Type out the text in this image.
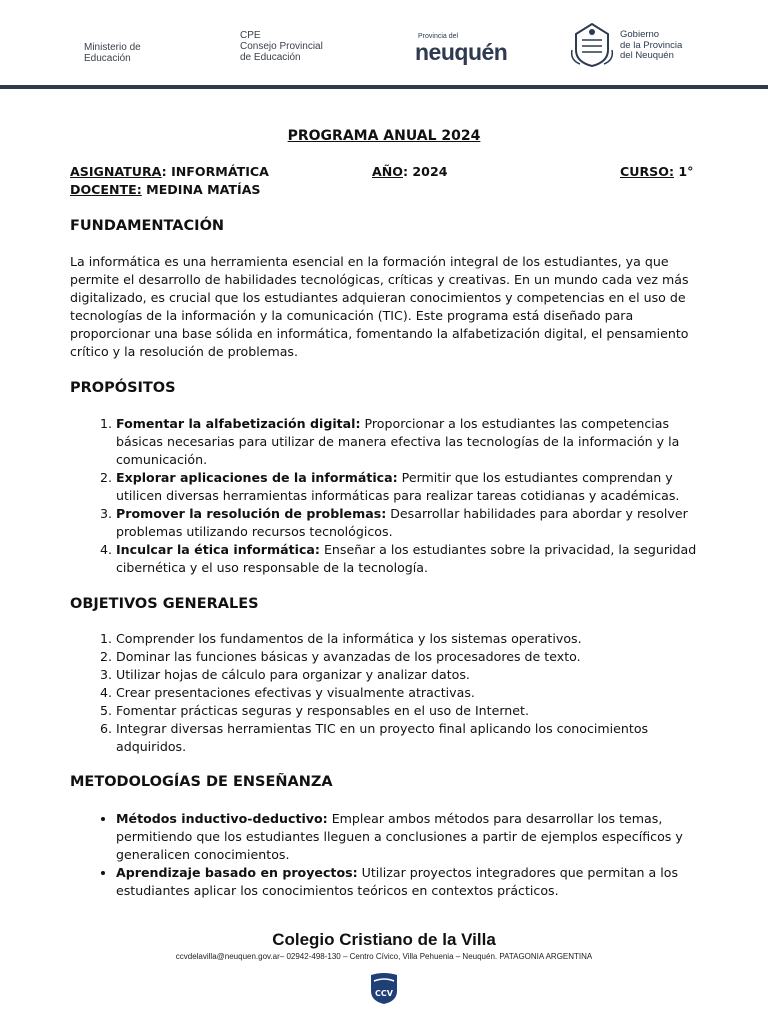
Ministerio de
Educación
CPE
Consejo Provincial
de Educación
Provincia del
neuquén
Gobierno
de la Provincia
del Neuquén
PROGRAMA ANUAL 2024
ASIGNATURA: INFORMÁTICA	AÑO: 2024	CURSO: 1°
DOCENTE: MEDINA MATÍAS
FUNDAMENTACIÓN

La informática es una herramienta esencial en la formación integral de los estudiantes, ya que permite el desarrollo de habilidades tecnológicas, críticas y creativas. En un mundo cada vez más digitalizado, es crucial que los estudiantes adquieran conocimientos y competencias en el uso de tecnologías de la información y la comunicación (TIC). Este programa está diseñado para proporcionar una base sólida en informática, fomentando la alfabetización digital, el pensamiento crítico y la resolución de problemas.

PROPÓSITOS
1. Fomentar la alfabetización digital: Proporcionar a los estudiantes las competencias básicas necesarias para utilizar de manera efectiva las tecnologías de la información y la comunicación.
2. Explorar aplicaciones de la informática: Permitir que los estudiantes comprendan y utilicen diversas herramientas informáticas para realizar tareas cotidianas y académicas.
3. Promover la resolución de problemas: Desarrollar habilidades para abordar y resolver problemas utilizando recursos tecnológicos.
4. Inculcar la ética informática: Enseñar a los estudiantes sobre la privacidad, la seguridad cibernética y el uso responsable de la tecnología.
OBJETIVOS GENERALES
1. Comprender los fundamentos de la informática y los sistemas operativos.
2. Dominar las funciones básicas y avanzadas de los procesadores de texto.
3. Utilizar hojas de cálculo para organizar y analizar datos.
4. Crear presentaciones efectivas y visualmente atractivas.
5. Fomentar prácticas seguras y responsables en el uso de Internet.
6. Integrar diversas herramientas TIC en un proyecto final aplicando los conocimientos adquiridos.
METODOLOGÍAS DE ENSEÑANZA
• Métodos inductivo-deductivo: Emplear ambos métodos para desarrollar los temas, permitiendo que los estudiantes lleguen a conclusiones a partir de ejemplos específicos y generalicen conocimientos.
• Aprendizaje basado en proyectos: Utilizar proyectos integradores que permitan a los estudiantes aplicar los conocimientos teóricos en contextos prácticos.
Colegio Cristiano de la Villa
ccvdelavilla@neuquen.gov.ar– 02942-498-130 – Centro Cívico, Villa Pehuenia – Neuquén. PATAGONIA ARGENTINA
CCV
